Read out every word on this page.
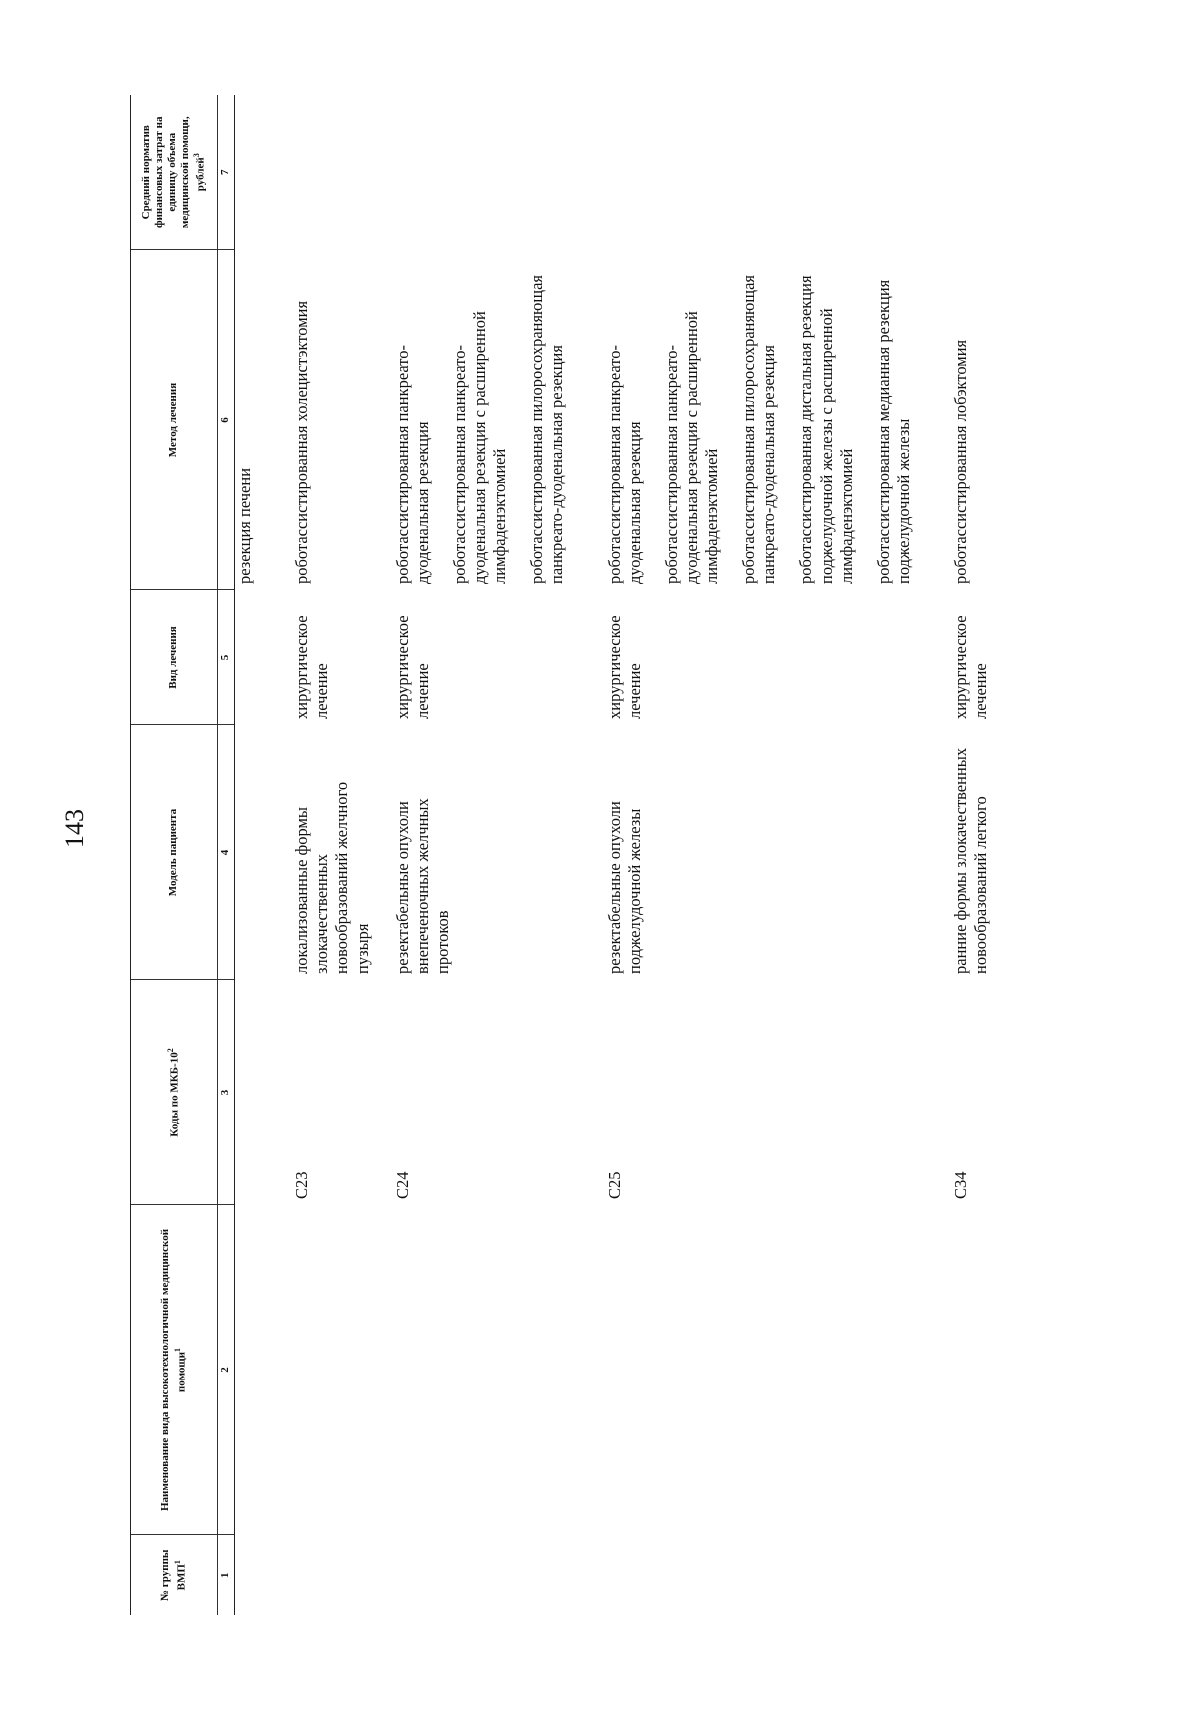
143
№ группы ВМП$^1$	Наименование вида высокотехнологичной медицинской помощи$^1$	Коды по МКБ-$10^2$	Модель пациента	Вид лечения	Метод лечения	Средний норматив финансовых затрат на единицу объема медицинской помощи, рублей$^3$
1	2	3	4	5	6	7

					резекция печени	

		C23	локализованные формы злокачественных новообразований желчного пузыря	хирургическое лечение	роботассистированная холецистэктомия	

		C24	резектабельные опухоли внепеченочных желчных протоков	хирургическое лечение	роботассистированная панкреато-дуоденальная резекция роботассистированная панкреато-дуоденальная резекция с расширенной лимфаденэктомией роботассистированная пилоросохраняющая панкреато-дуоденальная резекция	

		C25	резектабельные опухоли поджелудочной железы	хирургическое лечение	роботассистированная панкреато-дуоденальная резекция роботассистированная панкреато-дуоденальная резекция с расширенной лимфаденэктомией роботассистированная пилоросохраняющая панкреато-дуоденальная резекция роботассистированная дистальная резекция поджелудочной железы с расширенной лимфаденэктомией роботассистированная медианная резекция поджелудочной железы	

		C34	ранние формы злокачественных новообразований легкого	хирургическое лечение	роботассистированная лобэктомия	
